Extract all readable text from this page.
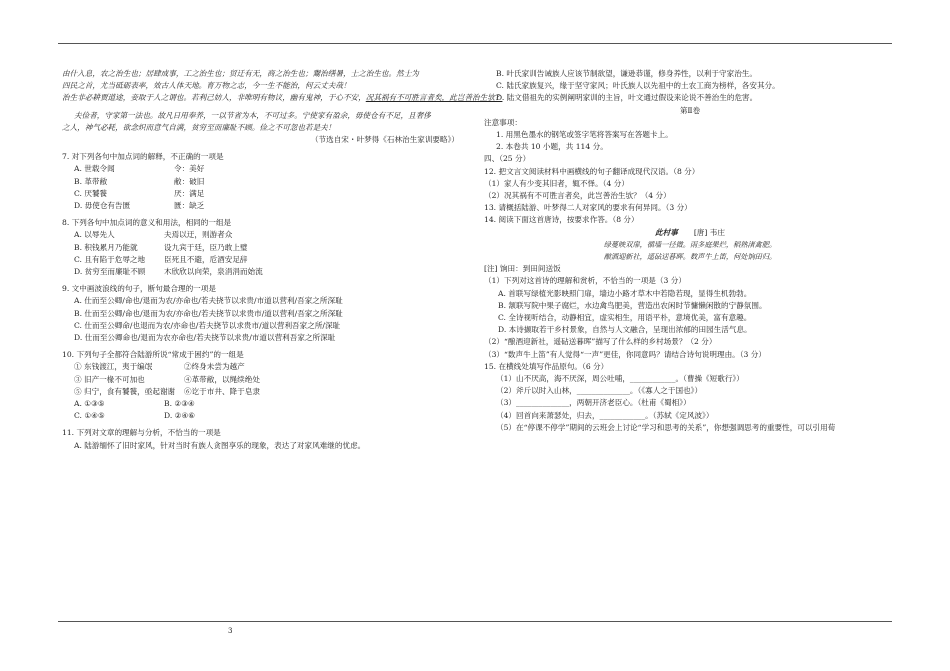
由什入息，农之治生也；居肆成事，工之治生也；贸迁有无，商之治生也；鬻治缮暑，士之治生也。然士为
四民之首，尤当砥砺表率，效古人体天地。育万物之志，今一生不能治，何云丈夫哉！
治生非必耕贾道途，妾取于人之谓也。若利己妨人，非唯明有物议，幽有鬼神，于心不安，况其祸有不可胜言者矣，此岂善治生欤？
夫俭者，守家第一法也。故凡日用奉养，一以节省为本，不可过多。宁使家有盈余，毋使仓有不足，且奢侈
之人，神气必耗，欲念炽而意气自满，贫穷至而廉耻不顾。俭之不可忽也若是夫！
（节选自宋・叶梦得《石林治生家训要略》）
7. 对下列各句中加点词的解释，不正确的一项是
A. 世载令闻	令：美好
B. 革带敝	敝：破旧
C. 厌饕餮	厌：满足
D. 毋使仓有告匮	匮：缺乏
8. 下列各句中加点词的意义和用法，相同的一组是
A. 以辱先人	夫焉以迂，则游者众
B. 积钱累月乃能就	设九宾于廷，臣乃敢上璧
C. 且有陷于危辱之地 臣死且不避，卮酒安足辞
D. 贫穷至而廉耻不顾 木欣欣以向荣，泉涓涓而始流
9. 文中画波浪线的句子，断句最合理的一项是
A. 仕而至公卿/命也/退而为农/亦命也/若夫挠节以求贵/市道以营利/吾家之所深耻
B. 仕而至公卿/命也/退而为农/亦命也/若夫挠节以求贵市/道以营利/吾家之所深耻
C. 仕而至公卿命/也退而为农/亦命也/若夫挠节以求贵市/道以营利吾家之所/深耻
D. 仕而至公卿命也/退而为农亦命也/若夫挠节以求贵/市道以营利吾家之所深耻
10. 下列句子全都符合陆游所说“常成于困约”的一组是
① 东钱渡江，夷于编氓	②终身未尝为越产
③ 旧产一椽不可加也	④革带敝，以绳续绝处
⑤ 归宁，食有饕餮，亟起谢谢 ⑥讫于市井、降于皂隶
A. ①③⑤	B. ②③④
C. ①④⑤	D. ②④⑥
11. 下列对文章的理解与分析，不恰当的一项是
A. 陆游缅怀了旧时家风，针对当时有族人贪图享乐的现象，表达了对家风难继的忧虑。
B. 叶氏家训告诫族人应该节制欲望，谦逊恭谨，修身养性，以利于守家治生。
C. 陆氏家族复兴，缘于坚守家风；叶氏族人以先祖中的土农工商为榜样，各安其分。
D. 陆文借祖先的实例阐明家训的主旨，叶文通过假设来论说不善治生的危害。
第Ⅱ卷
注意事项：
1. 用黑色墨水的钢笔或签字笔将答案写在答题卡上。
2. 本卷共 10 小题，共 114 分。
四、（25 分）
12. 把文言文阅读材料中画横线的句子翻译成现代汉语。（8 分）
（1）家人有少变其旧者，辄不怿。（4 分）
（2）况其祸有不可胜言者矣，此岂善治生欤？（4 分）
13. 请概括陆游、叶梦得二人对家风的要求有何异同。（3 分）
14. 阅读下面这首唐诗，按要求作答。（8 分）
此村事 [唐] 韦庄
绿蔓映双扉，循墙一径微。雨多庭果烂，稻熟渚禽肥。
酿酒迎新社，遥砧送暮晖。数声牛上笛，何处饷田归。
[注] 饷田：到田间送饭
（1）下列对这首诗的理解和赏析，不恰当的一项是（3 分）
A. 首联写绿植光影映照门扉，墙边小路才草木中若隐若现，显得生机勃勃。
B. 颔联写院中果子腐烂，水边禽鸟肥美，营造出农闲时节慵懒闲散的宁静氛围。
C. 全诗视听结合，动静相宜，虚实相生，用语平朴，意境优美，富有意趣。
D. 本诗撷取若干乡村景象，自然与人文融合，呈现出浓郁的田园生活气息。
（2）“酿酒迎新社，遥砧送暮晖”描写了什么样的乡村场景？（2 分）
（3）“数声牛上笛”有人觉得“一声”更佳，你同意吗？请结合诗句说明理由。（3 分）
15. 在横线处填写作品原句。（6 分）
（1）山不厌高，海不厌深，周公吐哺，____________。（曹操《短歌行》）
（2）斧斤以时入山林，______________。（《寡人之于国也》）
（3）______________，两朝开济老臣心。（杜甫《蜀相》）
（4）回首向来萧瑟处，归去，____________。（苏轼《定风波》）
（5）在“停课不停学”期间的云班会上讨论“学习和思考的关系”，你想强调思考的重要性，可以引用荀
3
